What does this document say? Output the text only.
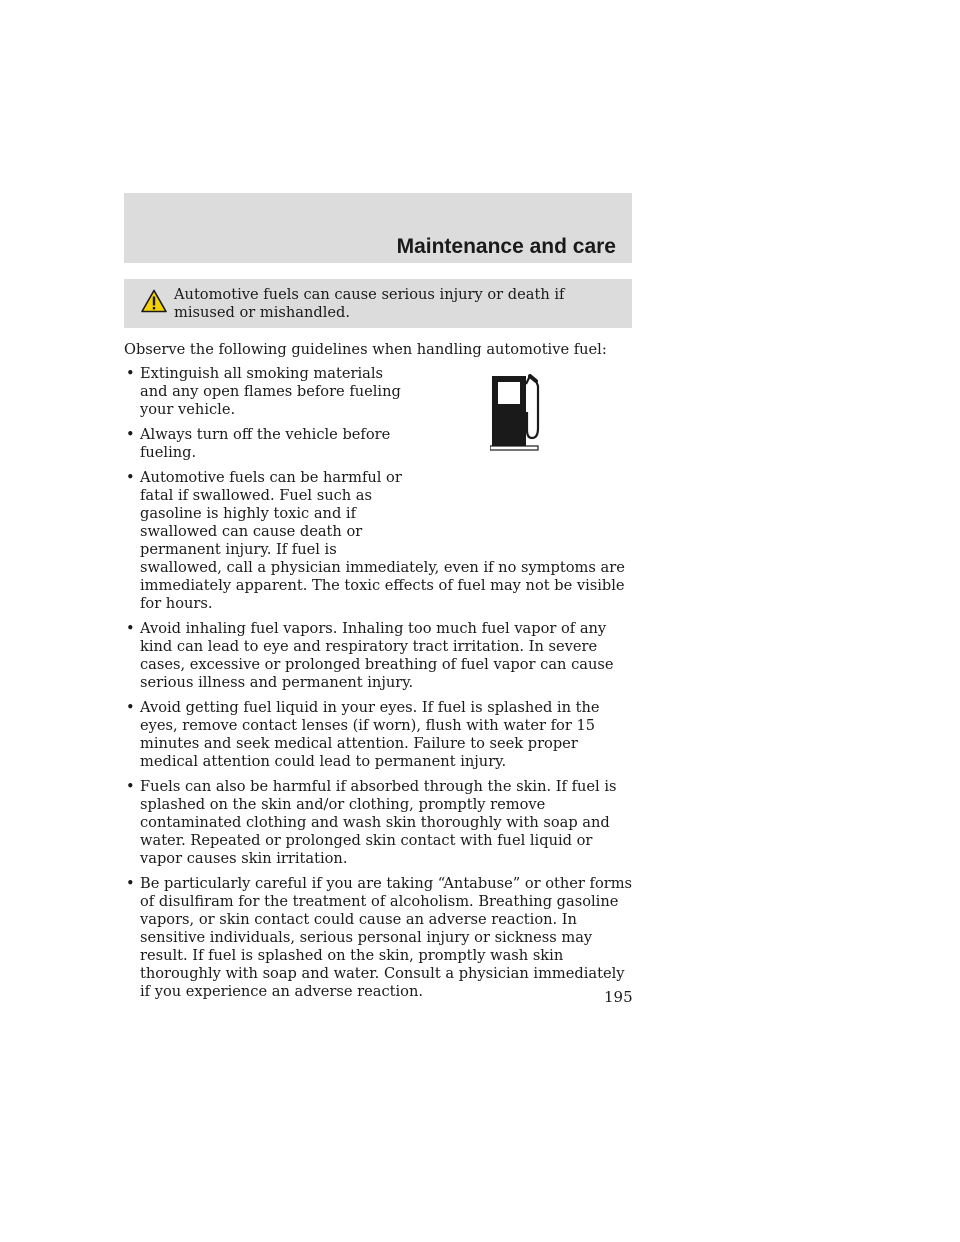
Maintenance and care
Automotive fuels can cause serious injury or death if misused or mishandled.
Observe the following guidelines when handling automotive fuel:
• Extinguish all smoking materials and any open flames before fueling your vehicle.
• Always turn off the vehicle before fueling.
• Automotive fuels can be harmful or fatal if swallowed. Fuel such as gasoline is highly toxic and if swallowed can cause death or permanent injury. If fuel is
swallowed, call a physician immediately, even if no symptoms are immediately apparent. The toxic effects of fuel may not be visible for hours.
• Avoid inhaling fuel vapors. Inhaling too much fuel vapor of any kind can lead to eye and respiratory tract irritation. In severe cases, excessive or prolonged breathing of fuel vapor can cause serious illness and permanent injury.
• Avoid getting fuel liquid in your eyes. If fuel is splashed in the eyes, remove contact lenses (if worn), flush with water for 15 minutes and seek medical attention. Failure to seek proper medical attention could lead to permanent injury.
• Fuels can also be harmful if absorbed through the skin. If fuel is splashed on the skin and/or clothing, promptly remove contaminated clothing and wash skin thoroughly with soap and water. Repeated or prolonged skin contact with fuel liquid or vapor causes skin irritation.
• Be particularly careful if you are taking “Antabuse” or other forms of disulfiram for the treatment of alcoholism. Breathing gasoline vapors, or skin contact could cause an adverse reaction. In sensitive individuals, serious personal injury or sickness may result. If fuel is splashed on the skin, promptly wash skin thoroughly with soap and water. Consult a physician immediately if you experience an adverse reaction.	195
